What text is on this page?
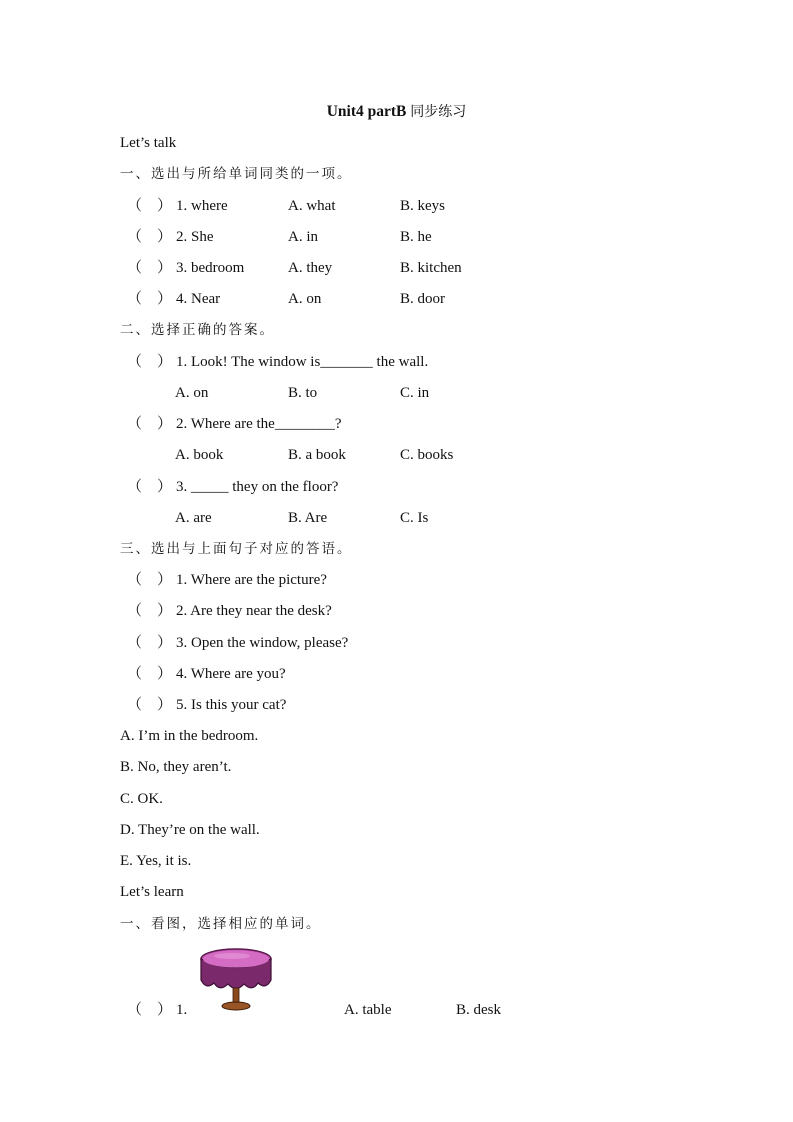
Unit4 partB 同步练习
Let’s talk
一、选出与所给单词同类的一项。
（　） 1. where	A. what	B. keys
（　） 2. She	A. in	B. he
（　） 3. bedroom	A. they	B. kitchen
（　） 4. Near	A. on	B. door
二、选择正确的答案。
（　） 1. Look! The window is_______ the wall.
A. on	B. to	C. in
（　） 2. Where are the________?
A. book	B. a book	C. books
（　） 3. _____ they on the floor?
A. are	B. Are	C. Is
三、选出与上面句子对应的答语。
（　） 1. Where are the picture?
（　） 2. Are they near the desk?
（　） 3. Open the window, please?
（　） 4. Where are you?
（　） 5. Is this your cat?
A. I’m in the bedroom.
B. No, they aren’t.
C. OK.
D. They’re on the wall.
E. Yes, it is.
Let’s learn
一、看图，选择相应的单词。
（　） 1.	A. table	B. desk
